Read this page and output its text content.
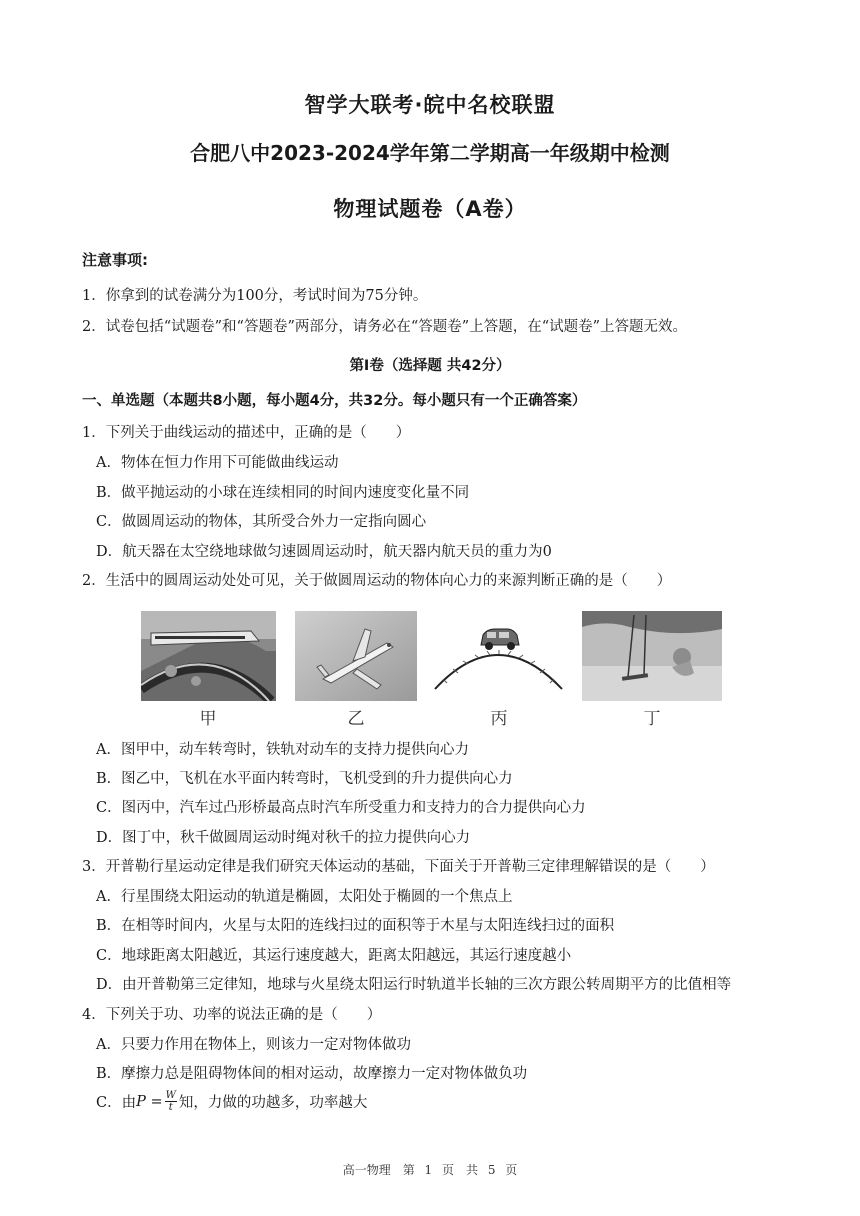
智学大联考·皖中名校联盟
合肥八中2023-2024学年第二学期高一年级期中检测
物理试题卷（A卷）
注意事项:
1．你拿到的试卷满分为100分，考试时间为75分钟。
2．试卷包括“试题卷”和“答题卷”两部分，请务必在“答题卷”上答题，在“试题卷”上答题无效。
第Ⅰ卷（选择题 共42分）
一、单选题（本题共8小题，每小题4分，共32分。每小题只有一个正确答案）
1．下列关于曲线运动的描述中，正确的是（　　）
A．物体在恒力作用下可能做曲线运动
B．做平抛运动的小球在连续相同的时间内速度变化量不同
C．做圆周运动的物体，其所受合外力一定指向圆心
D．航天器在太空绕地球做匀速圆周运动时，航天器内航天员的重力为0
2．生活中的圆周运动处处可见，关于做圆周运动的物体向心力的来源判断正确的是（　　）
甲	乙	丙	丁
A．图甲中，动车转弯时，铁轨对动车的支持力提供向心力
B．图乙中，飞机在水平面内转弯时，飞机受到的升力提供向心力
C．图丙中，汽车过凸形桥最高点时汽车所受重力和支持力的合力提供向心力
D．图丁中，秋千做圆周运动时绳对秋千的拉力提供向心力
3．开普勒行星运动定律是我们研究天体运动的基础，下面关于开普勒三定律理解错误的是（　　）
A．行星围绕太阳运动的轨道是椭圆，太阳处于椭圆的一个焦点上
B．在相等时间内，火星与太阳的连线扫过的面积等于木星与太阳连线扫过的面积
C．地球距离太阳越近，其运行速度越大，距离太阳越远，其运行速度越小
D．由开普勒第三定律知，地球与火星绕太阳运行时轨道半长轴的三次方跟公转周期平方的比值相等
4．下列关于功、功率的说法正确的是（　　）
A．只要力作用在物体上，则该力一定对物体做功
B．摩擦力总是阻碍物体间的相对运动，故摩擦力一定对物体做负功
C．由 $P = \frac{W}{t}$ 知，力做的功越多，功率越大
高一物理　第 1 页　共 5 页
